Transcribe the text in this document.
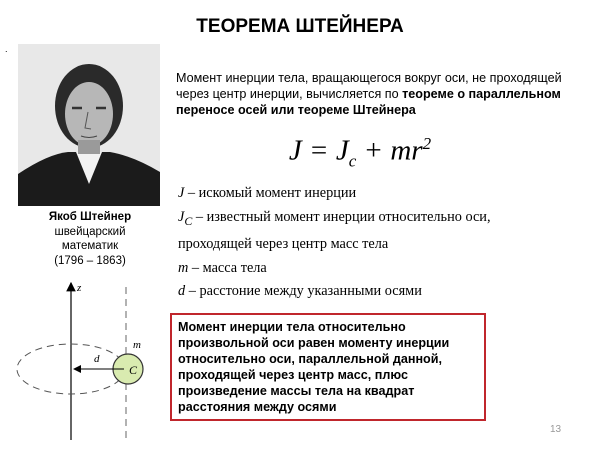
.
ТЕОРЕМА ШТЕЙНЕРА
Якоб Штейнер
швейцарский
математик
(1796 – 1863)
Момент инерции тела, вращающегося вокруг оси, не проходящей через центр инерции, вычисляется по теореме о параллельном переносе осей или теореме Штейнера
$J = J_c + mr^2$
J – искомый момент инерции
$J_C$ – известный момент инерции относительно оси,
проходящей через центр масс тела
m – масса тела
d – расстоние между указанными осями
z
d
m
C
Момент инерции тела относительно произвольной оси равен моменту инерции относительно оси, параллельной данной, проходящей через центр масс, плюс произведение массы тела на квадрат расстояния между осями
13
